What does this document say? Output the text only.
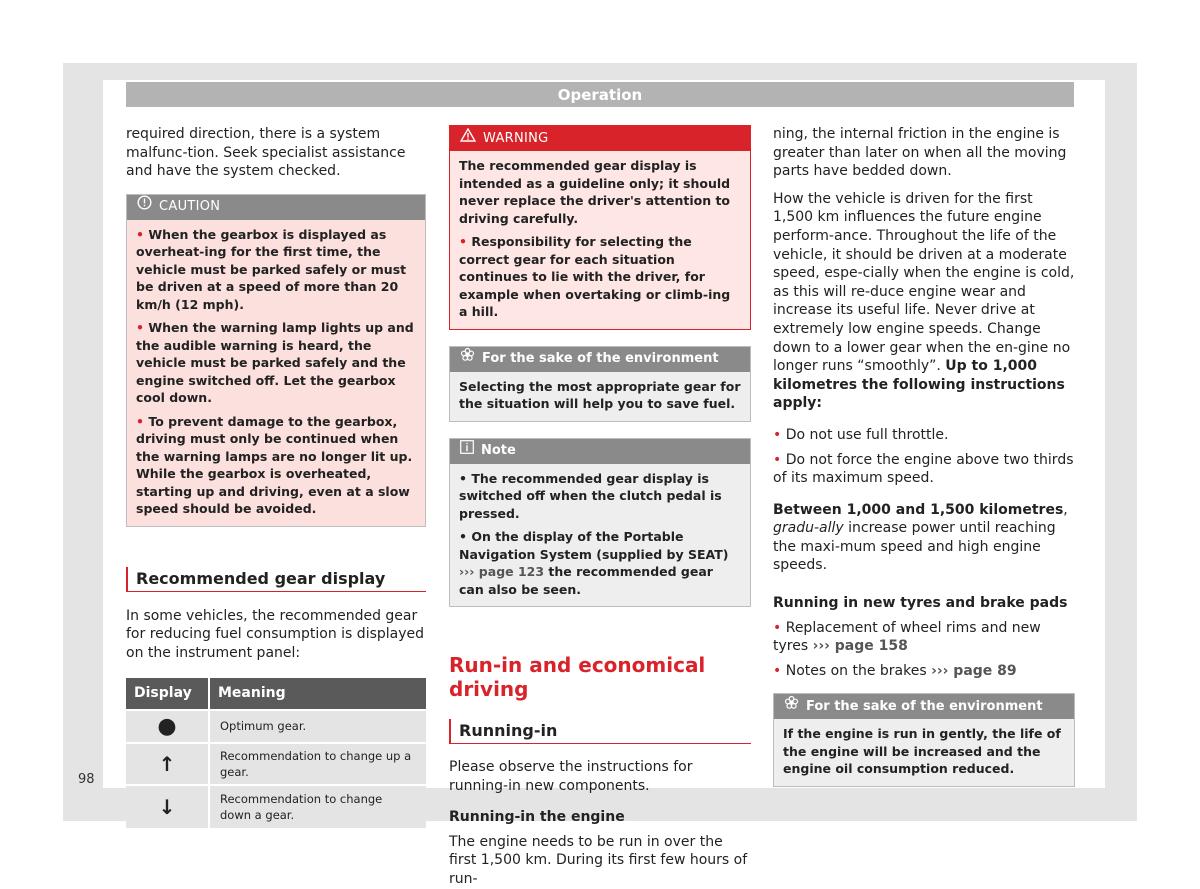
Operation

required direction, there is a system malfunc-tion. Seek specialist assistance and have the system checked.

CAUTION

• When the gearbox is displayed as overheat-ing for the first time, the vehicle must be parked safely or must be driven at a speed of more than 20 km/h (12 mph).

• When the warning lamp lights up and the audible warning is heard, the vehicle must be parked safely and the engine switched off. Let the gearbox cool down.

• To prevent damage to the gearbox, driving must only be continued when the warning lamps are no longer lit up. While the gearbox is overheated, starting up and driving, even at a slow speed should be avoided.

Recommended gear display

In some vehicles, the recommended gear for reducing fuel consumption is displayed on the instrument panel:

Display	Meaning
●	Optimum gear.
↑	Recommendation to change up a gear.
↓	Recommendation to change down a gear.
WARNING

The recommended gear display is intended as a guideline only; it should never replace the driver's attention to driving carefully.

• Responsibility for selecting the correct gear for each situation continues to lie with the driver, for example when overtaking or climb-ing a hill.

For the sake of the environment

Selecting the most appropriate gear for the situation will help you to save fuel.

Note

• The recommended gear display is switched off when the clutch pedal is pressed.

• On the display of the Portable Navigation System (supplied by SEAT) ››› page 123 the recommended gear can also be seen.

Run-in and economical driving
Running-in

Please observe the instructions for running-in new components.

Running-in the engine

The engine needs to be run in over the first 1,500 km. During its first few hours of run-

ning, the internal friction in the engine is greater than later on when all the moving parts have bedded down.

How the vehicle is driven for the first 1,500 km influences the future engine perform-ance. Throughout the life of the vehicle, it should be driven at a moderate speed, espe-cially when the engine is cold, as this will re-duce engine wear and increase its useful life. Never drive at extremely low engine speeds. Change down to a lower gear when the en-gine no longer runs “smoothly”. Up to 1,000 kilometres the following instructions apply:

• Do not use full throttle.

• Do not force the engine above two thirds of its maximum speed.

Between 1,000 and 1,500 kilometres, gradu-ally increase power until reaching the maxi-mum speed and high engine speeds.

Running in new tyres and brake pads

• Replacement of wheel rims and new tyres ››› page 158

• Notes on the brakes ››› page 89

For the sake of the environment

If the engine is run in gently, the life of the engine will be increased and the engine oil consumption reduced.

98
